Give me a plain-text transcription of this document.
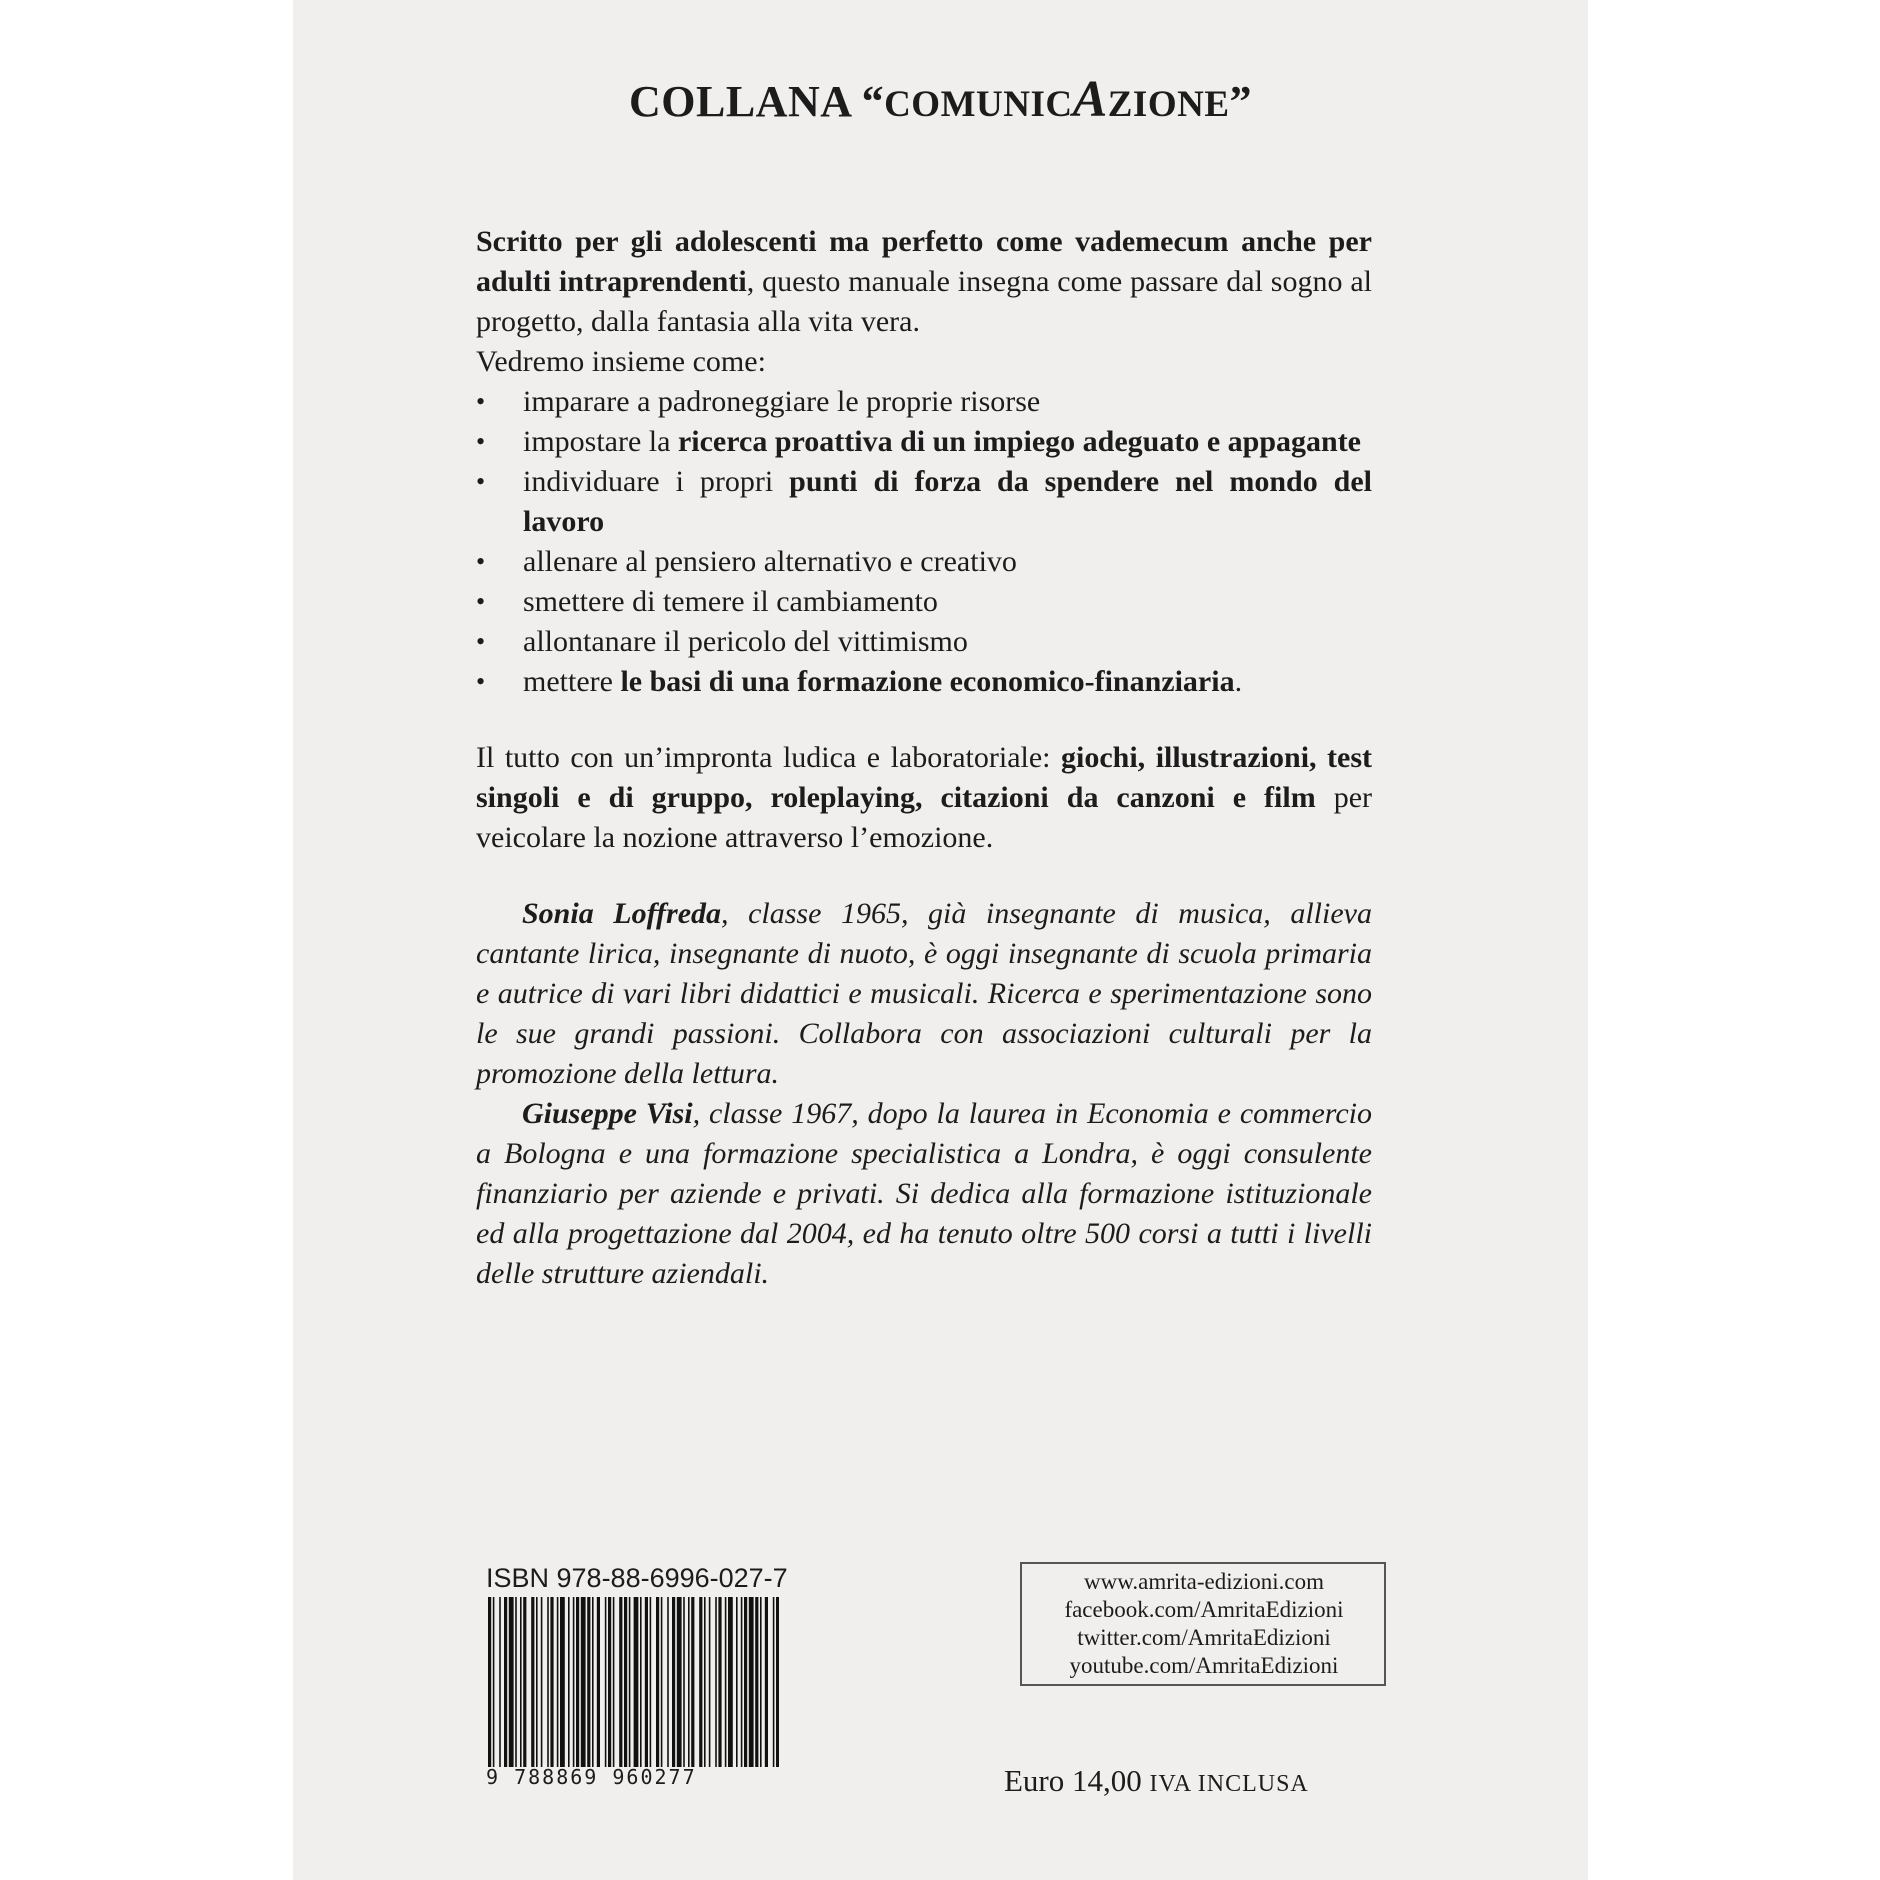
COLLANA “COMUNICAZIONE”

Scritto per gli adolescenti ma perfetto come vademecum anche per adulti intraprendenti, questo manuale insegna come passare dal sogno al progetto, dalla fantasia alla vita vera.

Vedremo insieme come:

• imparare a padroneggiare le proprie risorse
• impostare la ricerca proattiva di un impiego adeguato e appagante
• individuare i propri punti di forza da spendere nel mondo del lavoro
• allenare al pensiero alternativo e creativo
• smettere di temere il cambiamento
• allontanare il pericolo del vittimismo
• mettere le basi di una formazione economico-finanziaria.

Il tutto con un’impronta ludica e laboratoriale: giochi, illustrazioni, test singoli e di gruppo, roleplaying, citazioni da canzoni e film per veicolare la nozione attraverso l’emozione.

Sonia Loffreda, classe 1965, già insegnante di musica, allieva cantante lirica, insegnante di nuoto, è oggi insegnante di scuola primaria e autrice di vari libri didattici e musicali. Ricerca e sperimentazione sono le sue grandi passioni. Collabora con associazioni culturali per la promozione della lettura.

Giuseppe Visi, classe 1967, dopo la laurea in Economia e commercio a Bologna e una formazione specialistica a Londra, è oggi consulente finanziario per aziende e privati. Si dedica alla formazione istituzionale ed alla progettazione dal 2004, ed ha tenuto oltre 500 corsi a tutti i livelli delle strutture aziendali.

ISBN 978-88-6996-027-7
9 788869 960277
www.amrita-edizioni.com
facebook.com/AmritaEdizioni
twitter.com/AmritaEdizioni
youtube.com/AmritaEdizioni
Euro 14,00 IVA INCLUSA
